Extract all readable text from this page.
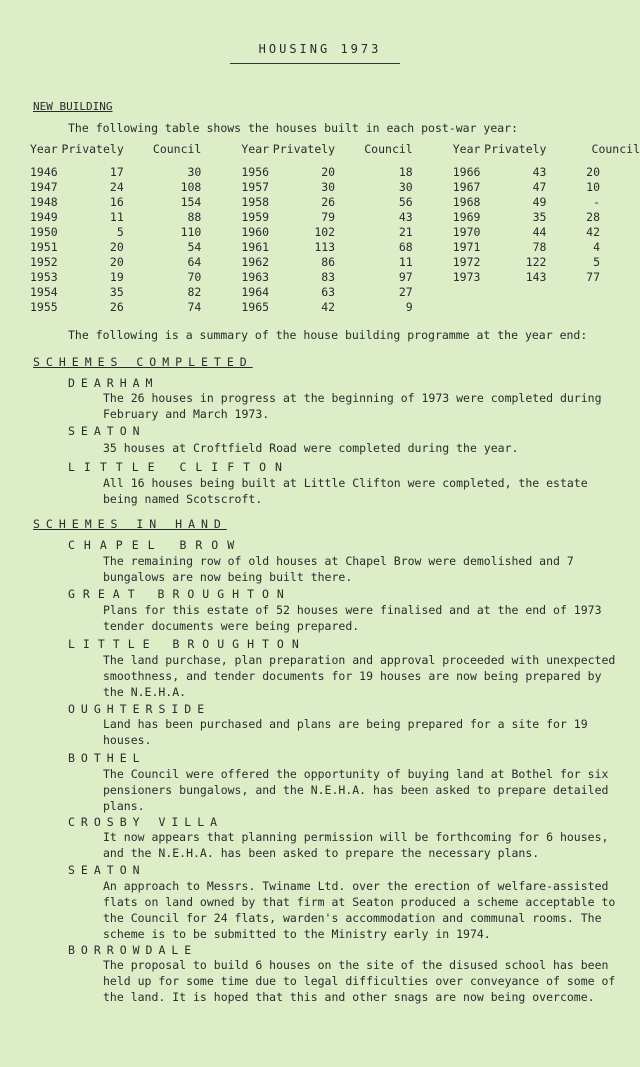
HOUSING 1973
NEW BUILDING
The following table shows the houses built in each post-war year:
Year	Privately	Council	Year	Privately	Council	Year	Privately	Council

1946	17	30	1956	20	18	1966	43	20
1947	24	108	1957	30	30	1967	47	10
1948	16	154	1958	26	56	1968	49	-
1949	11	88	1959	79	43	1969	35	28
1950	5	110	1960	102	21	1970	44	42
1951	20	54	1961	113	68	1971	78	4
1952	20	64	1962	86	11	1972	122	5
1953	19	70	1963	83	97	1973	143	77
1954	35	82	1964	63	27			
1955	26	74	1965	42	9			
The following is a summary of the house building programme at the year end:
SCHEMES COMPLETED
DEARHAM
The 26 houses in progress at the beginning of 1973 were completed during February and March 1973.
SEATON
35 houses at Croftfield Road were completed during the year.
LITTLE CLIFTON
All 16 houses being built at Little Clifton were completed, the estate being named Scotscroft.
SCHEMES IN HAND
CHAPEL BROW
The remaining row of old houses at Chapel Brow were demolished and 7 bungalows are now being built there.
GREAT BROUGHTON
Plans for this estate of 52 houses were finalised and at the end of 1973 tender documents were being prepared.
LITTLE BROUGHTON
The land purchase, plan preparation and approval proceeded with unexpected smoothness, and tender documents for 19 houses are now being prepared by the N.E.H.A.
OUGHTERSIDE
Land has been purchased and plans are being prepared for a site for 19 houses.
BOTHEL
The Council were offered the opportunity of buying land at Bothel for six pensioners bungalows, and the N.E.H.A. has been asked to prepare detailed plans.
CROSBY VILLA
It now appears that planning permission will be forthcoming for 6 houses, and the N.E.H.A. has been asked to prepare the necessary plans.
SEATON
An approach to Messrs. Twiname Ltd. over the erection of welfare-assisted flats on land owned by that firm at Seaton produced a scheme acceptable to the Council for 24 flats, warden's accommodation and communal rooms. The scheme is to be submitted to the Ministry early in 1974.
BORROWDALE
The proposal to build 6 houses on the site of the disused school has been held up for some time due to legal difficulties over conveyance of some of the land. It is hoped that this and other snags are now being overcome.
